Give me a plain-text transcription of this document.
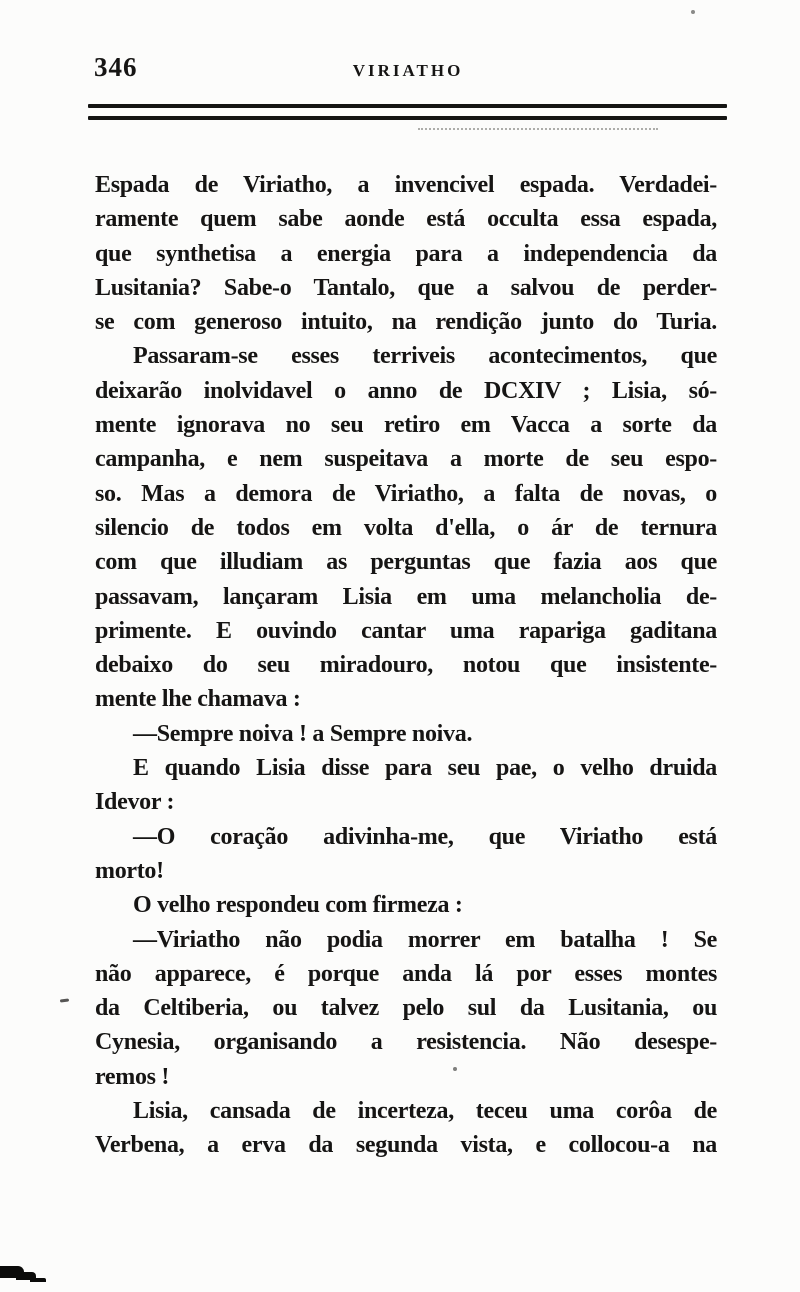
346	VIRIATHO
Espada de Viriatho, a invencivel espada. Verdadei-
ramente quem sabe aonde está occulta essa espada,
que synthetisa a energia para a independencia da
Lusitania? Sabe-o Tantalo, que a salvou de perder-
se com generoso intuito, na rendição junto do Turia.
Passaram-se esses terriveis acontecimentos, que
deixarão inolvidavel o anno de DCXIV ; Lisia, só-
mente ignorava no seu retiro em Vacca a sorte da
campanha, e nem suspeitava a morte de seu espo-
so. Mas a demora de Viriatho, a falta de novas, o
silencio de todos em volta d'ella, o ár de ternura
com que illudiam as perguntas que fazia aos que
passavam, lançaram Lisia em uma melancholia de-
primente. E ouvindo cantar uma rapariga gaditana
debaixo do seu miradouro, notou que insistente-
mente lhe chamava :
—Sempre noiva ! a Sempre noiva.
E quando Lisia disse para seu pae, o velho druida
Idevor :
—O coração adivinha-me, que Viriatho está
morto!
O velho respondeu com firmeza :
—Viriatho não podia morrer em batalha ! Se
não apparece, é porque anda lá por esses montes
da Celtiberia, ou talvez pelo sul da Lusitania, ou
Cynesia, organisando a resistencia. Não desespe-
remos !
Lisia, cansada de incerteza, teceu uma corôa de
Verbena, a erva da segunda vista, e collocou-a na
